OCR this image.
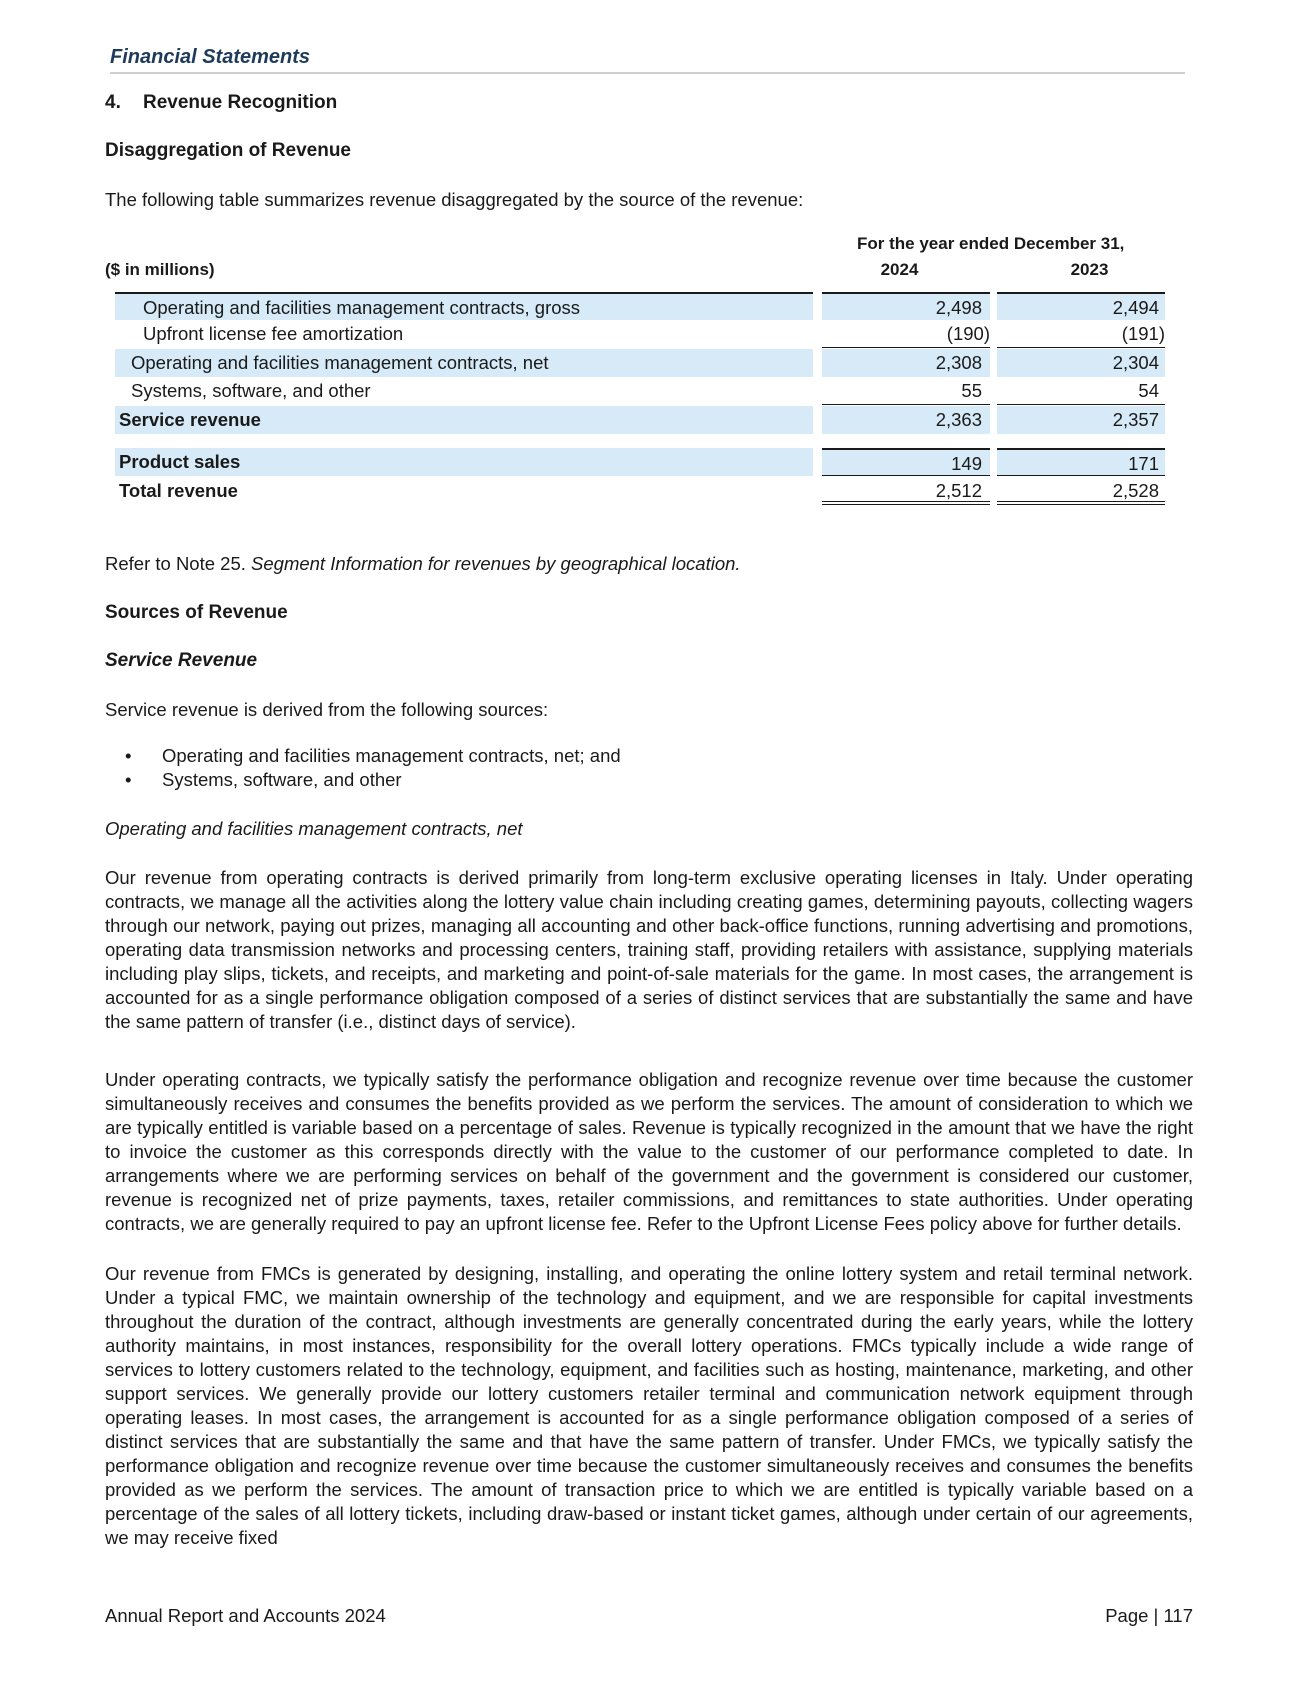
Financial Statements
4. Revenue Recognition
Disaggregation of Revenue

The following table summarizes revenue disaggregated by the source of the revenue:

For the year ended December 31,
($ in millions)	2024	2023
Operating and facilities management contracts, gross	2,498	2,494
Upfront license fee amortization	(190)	(191)
Operating and facilities management contracts, net	2,308	2,304
Systems, software, and other	55	54
Service revenue	2,363	2,357
Product sales	149	171
Total revenue	2,512	2,528

Refer to Note 25. Segment Information for revenues by geographical location.

Sources of Revenue
Service Revenue

Service revenue is derived from the following sources:

• Operating and facilities management contracts, net; and
• Systems, software, and other

Operating and facilities management contracts, net

Our revenue from operating contracts is derived primarily from long-term exclusive operating licenses in Italy. Under operating contracts, we manage all the activities along the lottery value chain including creating games, determining payouts, collecting wagers through our network, paying out prizes, managing all accounting and other back-office functions, running advertising and promotions, operating data transmission networks and processing centers, training staff, providing retailers with assistance, supplying materials including play slips, tickets, and receipts, and marketing and point-of-sale materials for the game. In most cases, the arrangement is accounted for as a single performance obligation composed of a series of distinct services that are substantially the same and have the same pattern of transfer (i.e., distinct days of service).

Under operating contracts, we typically satisfy the performance obligation and recognize revenue over time because the customer simultaneously receives and consumes the benefits provided as we perform the services. The amount of consideration to which we are typically entitled is variable based on a percentage of sales. Revenue is typically recognized in the amount that we have the right to invoice the customer as this corresponds directly with the value to the customer of our performance completed to date. In arrangements where we are performing services on behalf of the government and the government is considered our customer, revenue is recognized net of prize payments, taxes, retailer commissions, and remittances to state authorities. Under operating contracts, we are generally required to pay an upfront license fee. Refer to the Upfront License Fees policy above for further details.

Our revenue from FMCs is generated by designing, installing, and operating the online lottery system and retail terminal network. Under a typical FMC, we maintain ownership of the technology and equipment, and we are responsible for capital investments throughout the duration of the contract, although investments are generally concentrated during the early years, while the lottery authority maintains, in most instances, responsibility for the overall lottery operations. FMCs typically include a wide range of services to lottery customers related to the technology, equipment, and facilities such as hosting, maintenance, marketing, and other support services. We generally provide our lottery customers retailer terminal and communication network equipment through operating leases. In most cases, the arrangement is accounted for as a single performance obligation composed of a series of distinct services that are substantially the same and that have the same pattern of transfer. Under FMCs, we typically satisfy the performance obligation and recognize revenue over time because the customer simultaneously receives and consumes the benefits provided as we perform the services. The amount of transaction price to which we are entitled is typically variable based on a percentage of the sales of all lottery tickets, including draw-based or instant ticket games, although under certain of our agreements, we may receive fixed

Annual Report and Accounts 2024	Page | 117
